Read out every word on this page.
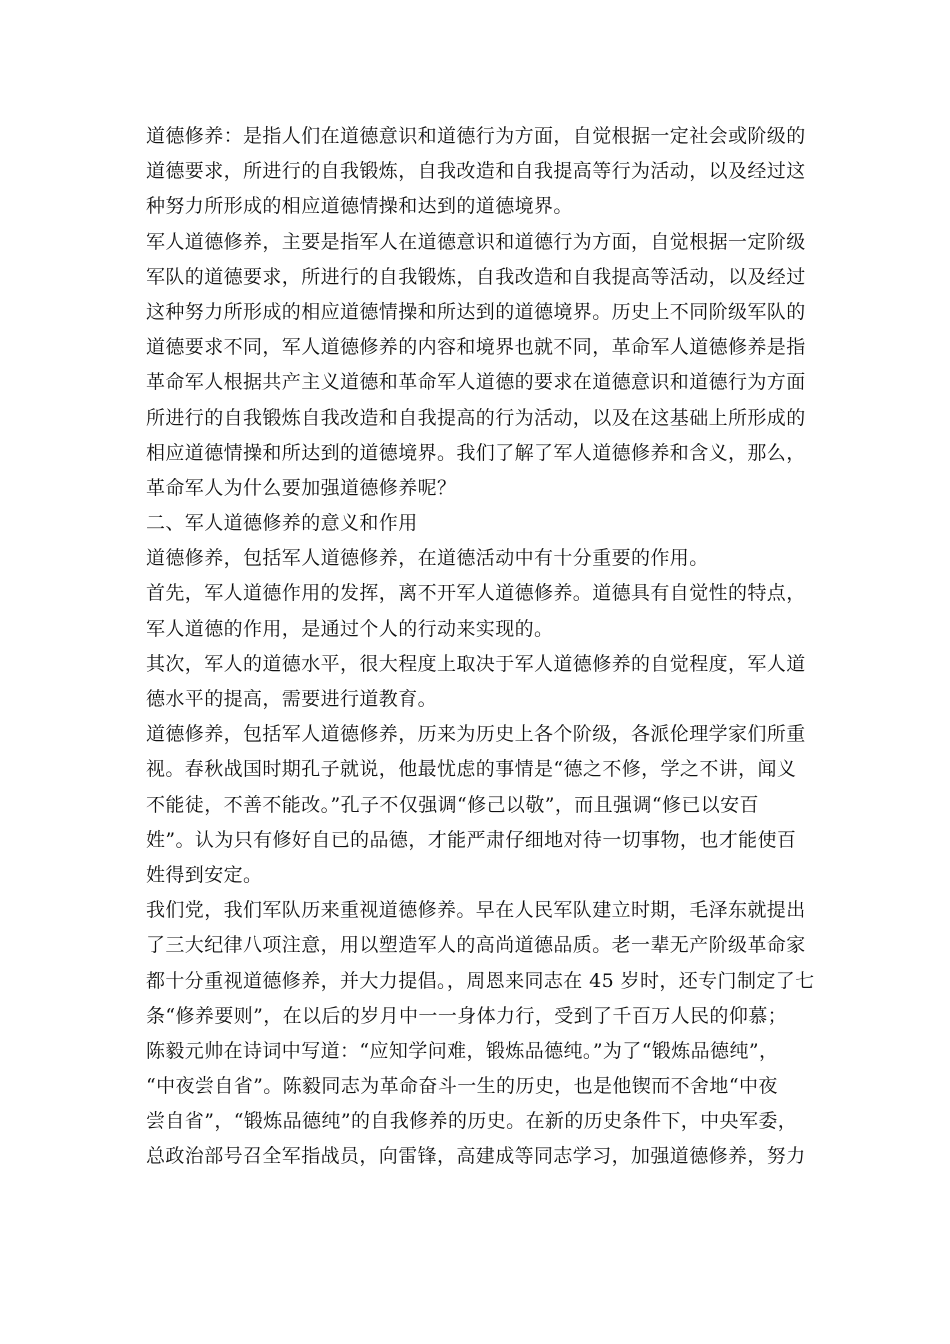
道德修养：是指人们在道德意识和道德行为方面，自觉根据一定社会或阶级的
道德要求，所进行的自我锻炼，自我改造和自我提高等行为活动，以及经过这
种努力所形成的相应道德情操和达到的道德境界。
军人道德修养，主要是指军人在道德意识和道德行为方面，自觉根据一定阶级
军队的道德要求，所进行的自我锻炼，自我改造和自我提高等活动，以及经过
这种努力所形成的相应道德情操和所达到的道德境界。历史上不同阶级军队的
道德要求不同，军人道德修养的内容和境界也就不同，革命军人道德修养是指
革命军人根据共产主义道德和革命军人道德的要求在道德意识和道德行为方面
所进行的自我锻炼自我改造和自我提高的行为活动，以及在这基础上所形成的
相应道德情操和所达到的道德境界。我们了解了军人道德修养和含义，那么，
革命军人为什么要加强道德修养呢？
二、军人道德修养的意义和作用
道德修养，包括军人道德修养，在道德活动中有十分重要的作用。
首先，军人道德作用的发挥，离不开军人道德修养。道德具有自觉性的特点，
军人道德的作用，是通过个人的行动来实现的。
其次，军人的道德水平，很大程度上取决于军人道德修养的自觉程度，军人道
德水平的提高，需要进行道教育。
道德修养，包括军人道德修养，历来为历史上各个阶级，各派伦理学家们所重
视。春秋战国时期孔子就说，他最忧虑的事情是“德之不修，学之不讲，闻义
不能徒，不善不能改。”孔子不仅强调“修己以敬”，而且强调“修已以安百
姓”。认为只有修好自已的品德，才能严肃仔细地对待一切事物，也才能使百
姓得到安定。
我们党，我们军队历来重视道德修养。早在人民军队建立时期，毛泽东就提出
了三大纪律八项注意，用以塑造军人的高尚道德品质。老一辈无产阶级革命家
都十分重视道德修养，并大力提倡。，周恩来同志在 45 岁时，还专门制定了七
条“修养要则”，在以后的岁月中一一身体力行，受到了千百万人民的仰慕；
陈毅元帅在诗词中写道：“应知学问难，锻炼品德纯。”为了“锻炼品德纯”，
“中夜尝自省”。陈毅同志为革命奋斗一生的历史，也是他锲而不舍地“中夜
尝自省”，“锻炼品德纯”的自我修养的历史。在新的历史条件下，中央军委，
总政治部号召全军指战员，向雷锋，高建成等同志学习，加强道德修养，努力
